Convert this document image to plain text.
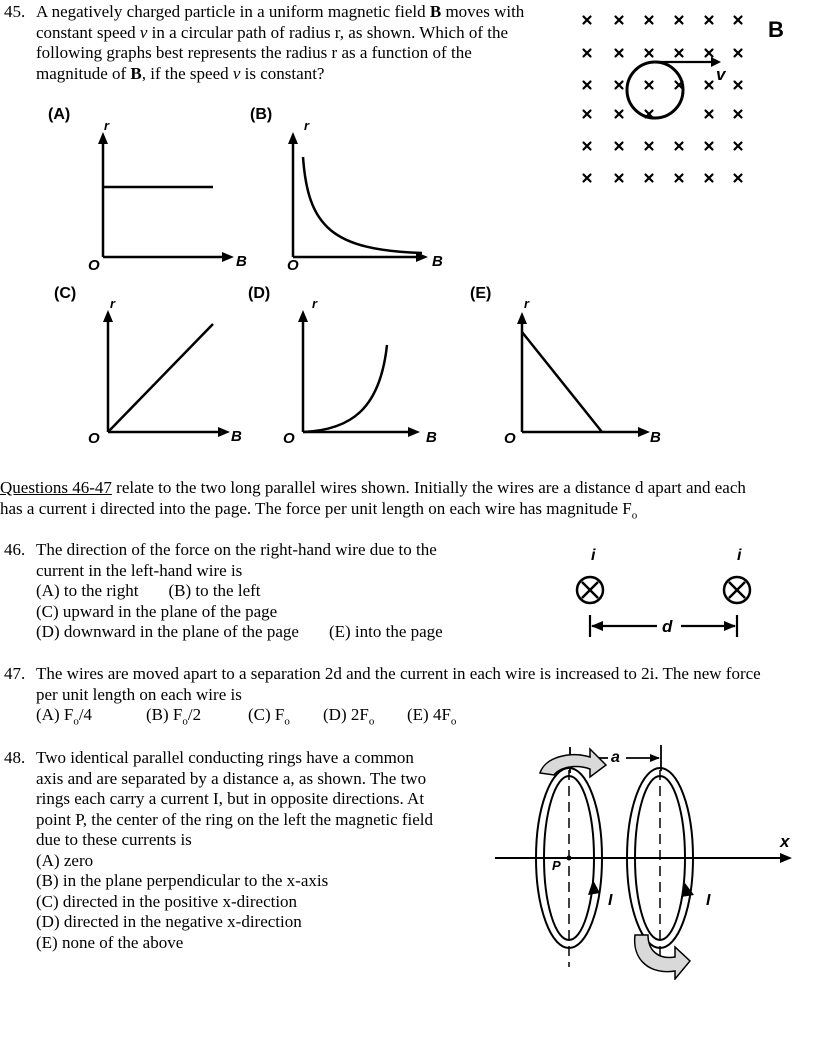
45. A negatively charged particle in a uniform magnetic field B moves with
constant speed v in a circular path of radius r, as shown. Which of the
following graphs best represents the radius r as a function of the
magnitude of B, if the speed v is constant?	v
B
(A)
r
O	B
(B)
r
O	B
(C)
r
O	B
(D)
r
O	B
(E)
r
O	B
Questions 46-47 relate to the two long parallel wires shown. Initially the wires are a distance d apart and each
has a current i directed into the page. The force per unit length on each wire has magnitude $F_o$
46. The direction of the force on the right-hand wire due to the
current in the left-hand wire is
(A) to the right (B) to the left
(C) upward in the plane of the page
(D) downward in the plane of the page (E) into the page
i	i
d
47. The wires are moved apart to a separation 2d and the current in each wire is increased to 2i. The new force
per unit length on each wire is
(A) $F_o/4$	(B) $F_o/2$	(C) $F_o$ (D) $2F_o$ (E) $4F_o$
48. Two identical parallel conducting rings have a common
axis and are separated by a distance a, as shown. The two
rings each carry a current I, but in opposite directions. At
point P, the center of the ring on the left the magnetic field
due to these currents is
(A) zero
(B) in the plane perpendicular to the x-axis
(C) directed in the positive x-direction
(D) directed in the negative x-direction
(E) none of the above
x
a
P
I	I
